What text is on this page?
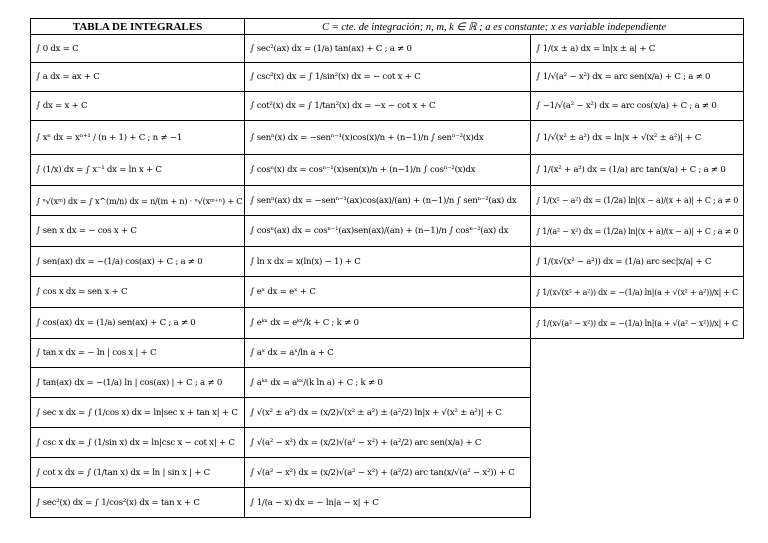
TABLA DE INTEGRALES	C = cte. de integración; n, m, k ∈ ℝ ; a es constante; x es variable independiente
∫ 0 dx = C
∫ a dx = ax + C
∫ dx = x + C
∫ xⁿ dx = xⁿ⁺¹ / (n + 1) + C ; n ≠ −1
∫ (1/x) dx = ∫ x⁻¹ dx = ln x + C
∫ ⁿ√(xᵐ) dx = ∫ x^(m/n) dx = n/(m + n) · ⁿ√(xᵐ⁺ⁿ) + C
∫ sen x dx = − cos x + C
∫ sen(ax) dx = −(1/a) cos(ax) + C ; a ≠ 0
∫ cos x dx = sen x + C
∫ cos(ax) dx = (1/a) sen(ax) + C ; a ≠ 0
∫ tan x dx = − ln | cos x | + C
∫ tan(ax) dx = −(1/a) ln | cos(ax) | + C ; a ≠ 0
∫ sec x dx = ∫ (1/cos x) dx = ln|sec x + tan x| + C
∫ csc x dx = ∫ (1/sin x) dx = ln|csc x − cot x| + C
∫ cot x dx = ∫ (1/tan x) dx = ln | sin x | + C
∫ sec²(x) dx = ∫ 1/cos²(x) dx = tan x + C
∫ sec²(ax) dx = (1/a) tan(ax) + C ; a ≠ 0
∫ csc²(x) dx = ∫ 1/sin²(x) dx = − cot x + C
∫ cot²(x) dx = ∫ 1/tan²(x) dx = −x − cot x + C
∫ senⁿ(x) dx = −senⁿ⁻¹(x)cos(x)/n + (n−1)/n ∫ senⁿ⁻²(x)dx
∫ cosⁿ(x) dx = cosⁿ⁻¹(x)sen(x)/n + (n−1)/n ∫ cosⁿ⁻²(x)dx
∫ senⁿ(ax) dx = −senⁿ⁻¹(ax)cos(ax)/(an) + (n−1)/n ∫ senⁿ⁻²(ax) dx
∫ cosⁿ(ax) dx = cosⁿ⁻¹(ax)sen(ax)/(an) + (n−1)/n ∫ cosⁿ⁻²(ax) dx
∫ ln x dx = x(ln(x) − 1) + C
∫ eˣ dx = eˣ + C
∫ eᵏˣ dx = eᵏˣ/k + C ; k ≠ 0
∫ aˣ dx = aˣ/ln a + C
∫ aᵏˣ dx = aᵏˣ/(k ln a) + C ; k ≠ 0
∫ √(x² ± a²) dx = (x/2)√(x² ± a²) ± (a²/2) ln|x + √(x² ± a²)| + C
∫ √(a² − x²) dx = (x/2)√(a² − x²) + (a²/2) arc sen(x/a) + C
∫ √(a² − x²) dx = (x/2)√(a² − x²) + (a²/2) arc tan(x/√(a² − x²)) + C
∫ 1/(a − x) dx = − ln|a − x| + C
∫ 1/(x ± a) dx = ln|x ± a| + C
∫ 1/√(a² − x²) dx = arc sen(x/a) + C ; a ≠ 0
∫ −1/√(a² − x²) dx = arc cos(x/a) + C ; a ≠ 0
∫ 1/√(x² ± a²) dx = ln|x + √(x² ± a²)| + C
∫ 1/(x² + a²) dx = (1/a) arc tan(x/a) + C ; a ≠ 0
∫ 1/(x² − a²) dx = (1/2a) ln|(x − a)/(x + a)| + C ; a ≠ 0
∫ 1/(a² − x²) dx = (1/2a) ln|(x + a)/(x − a)| + C ; a ≠ 0
∫ 1/(x√(x² − a²)) dx = (1/a) arc sec|x/a| + C
∫ 1/(x√(x² + a²)) dx = −(1/a) ln|(a + √(x² + a²))/x| + C
∫ 1/(x√(a² − x²)) dx = −(1/a) ln|(a + √(a² − x²))/x| + C
